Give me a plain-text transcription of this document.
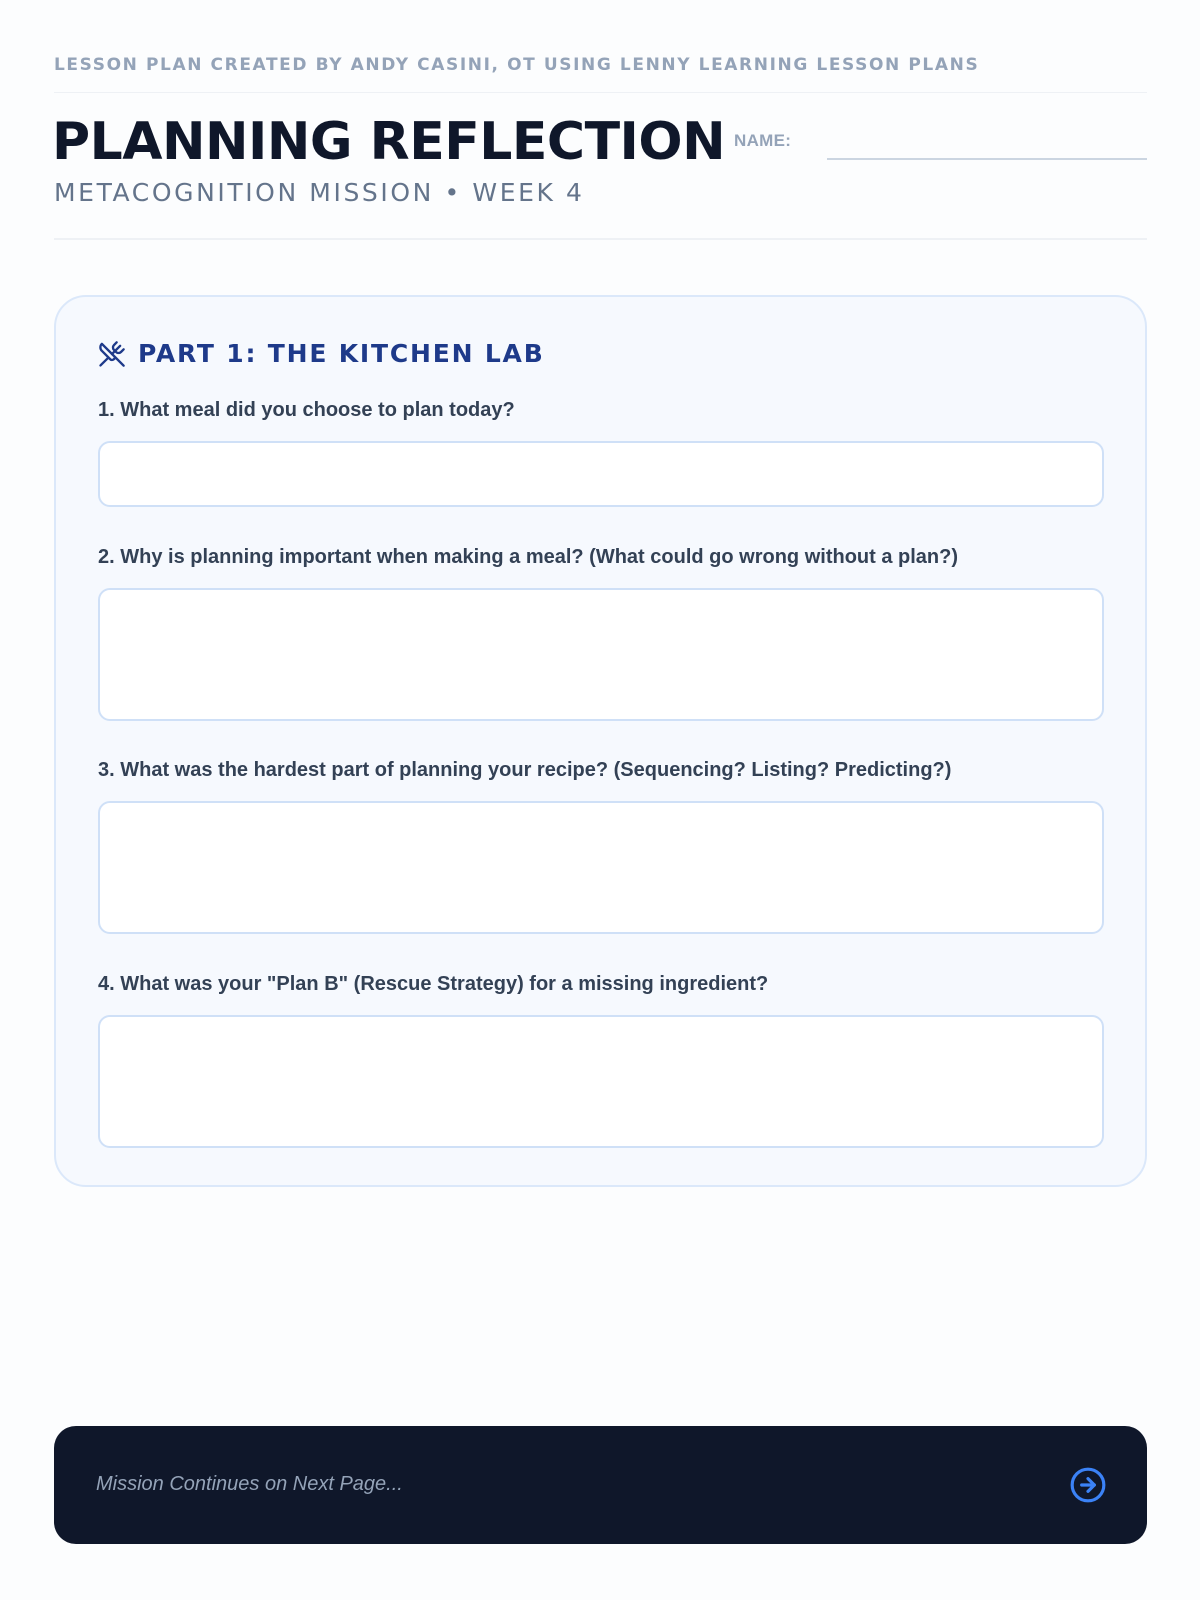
LESSON PLAN CREATED BY ANDY CASINI, OT USING LENNY LEARNING LESSON PLANS
PLANNING REFLECTION
METACOGNITION MISSION • WEEK 4
NAME:
PART 1: THE KITCHEN LAB
1. What meal did you choose to plan today?
2. Why is planning important when making a meal? (What could go wrong without a plan?)
3. What was the hardest part of planning your recipe? (Sequencing? Listing? Predicting?)
4. What was your "Plan B" (Rescue Strategy) for a missing ingredient?
Mission Continues on Next Page...
